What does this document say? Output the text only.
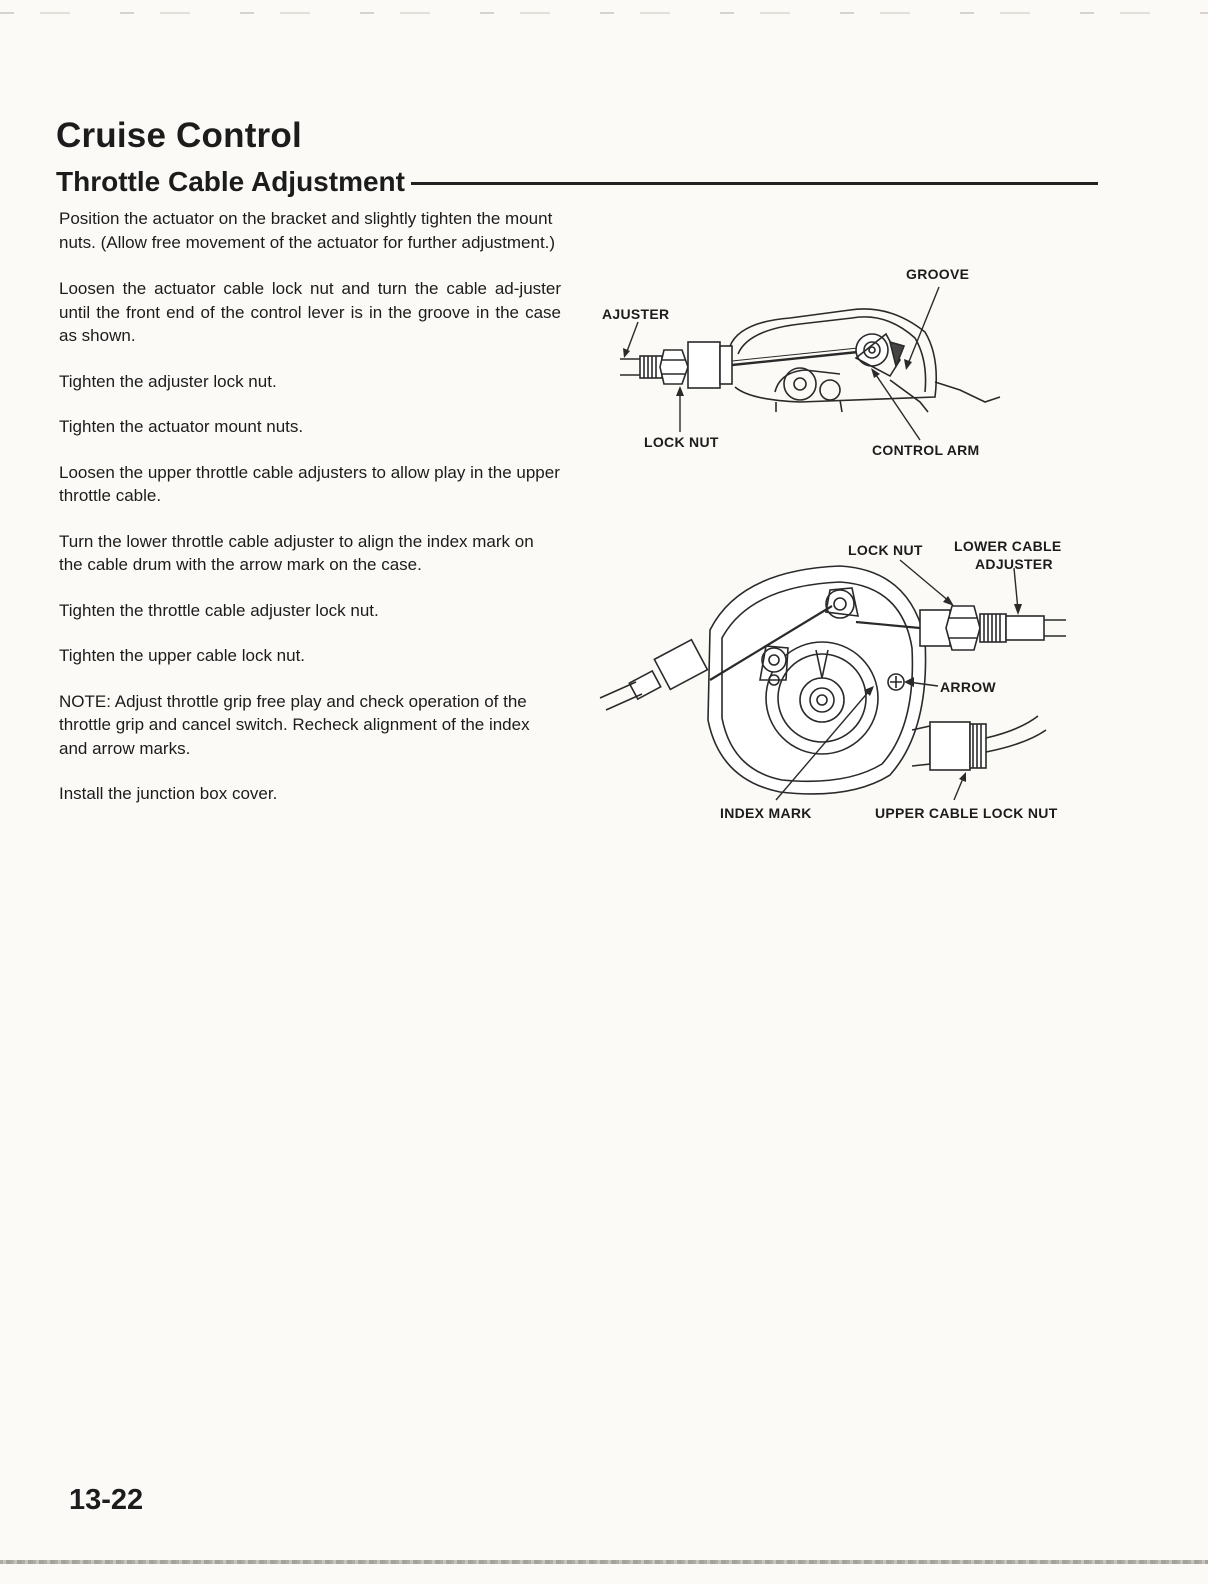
Cruise Control
Throttle Cable Adjustment

Position the actuator on the bracket and slightly tighten the mount nuts. (Allow free movement of the actuator for further adjustment.)

Loosen the actuator cable lock nut and turn the cable ad-juster until the front end of the control lever is in the groove in the case as shown.

Tighten the adjuster lock nut.

Tighten the actuator mount nuts.

Loosen the upper throttle cable adjusters to allow play in the upper throttle cable.

Turn the lower throttle cable adjuster to align the index mark on the cable drum with the arrow mark on the case.

Tighten the throttle cable adjuster lock nut.

Tighten the upper cable lock nut.

NOTE: Adjust throttle grip free play and check operation of the throttle grip and cancel switch. Recheck alignment of the index and arrow marks.

Install the junction box cover.

GROOVE
AJUSTER
LOCK NUT	CONTROL ARM
LOCK NUT LOWER CABLE
ADJUSTER
ARROW
INDEX MARK	UPPER CABLE LOCK NUT

13-22
